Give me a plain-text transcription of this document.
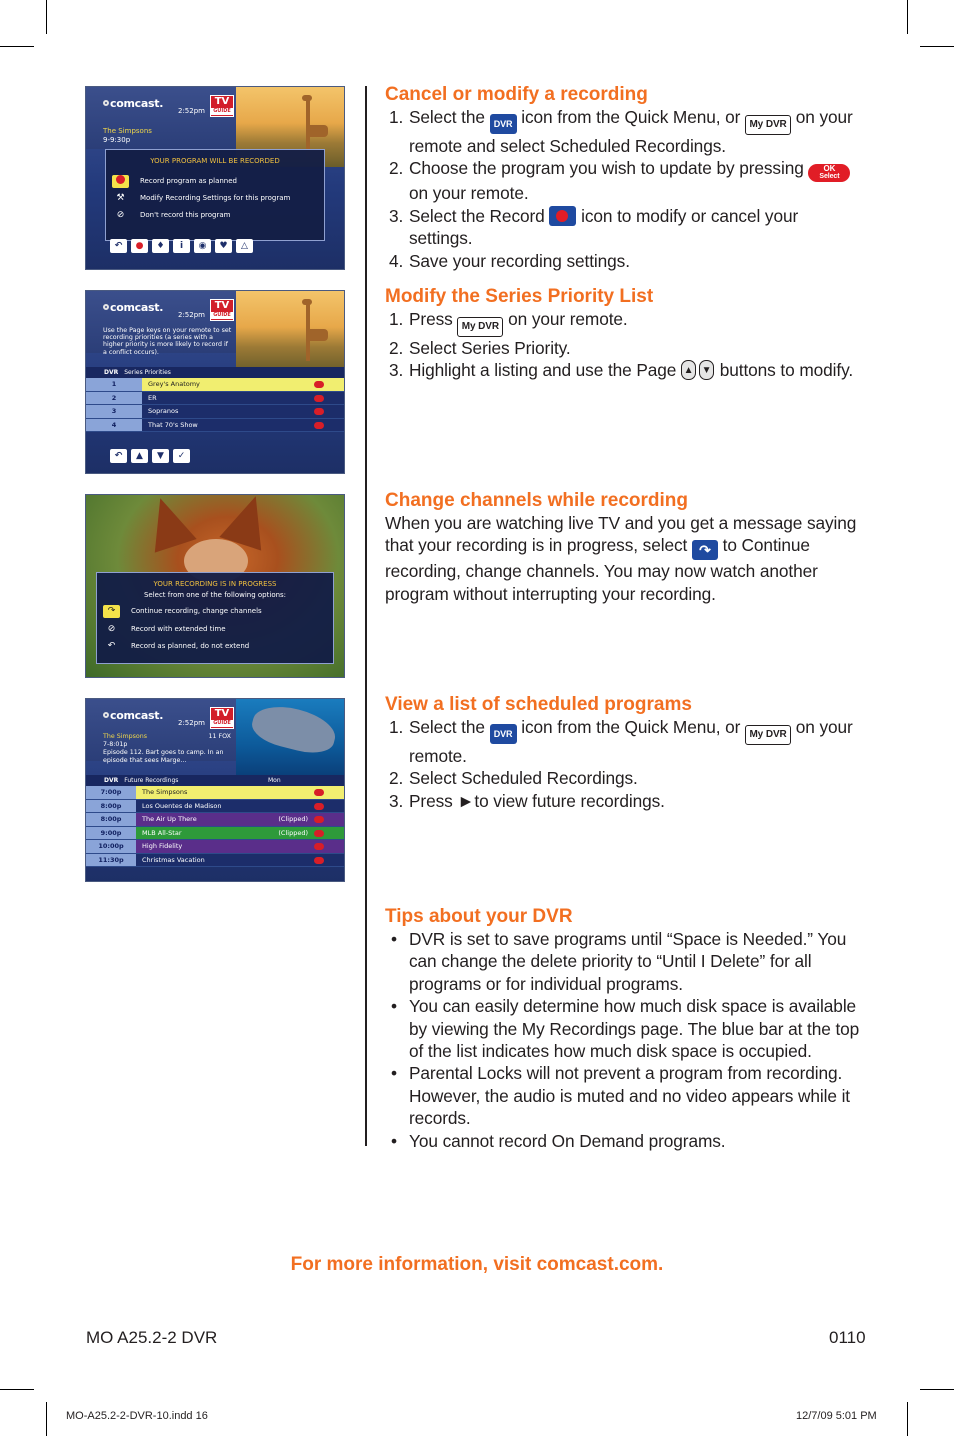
comcast.
2:52pm
TV
GUIDE
The Simpsons
9-9:30p
YOUR PROGRAM WILL BE RECORDED
Record program as planned
⚒	Modify Recording Settings for this program
⊘	Don't record this program
↶	●	♦	i	◉	♥	△
comcast.
2:52pm
TV
GUIDE
Use the Page keys on your remote to set recording priorities (a series with a higher priority is more likely to record if a conflict occurs).
DVR Series Priorities
1	Grey's Anatomy
2	ER
3	Sopranos
4	That 70's Show
↶	▲	▼	✓
YOUR RECORDING IS IN PROGRESS
Select from one of the following options:
↷	Continue recording, change channels
⊘	Record with extended time
↶	Record as planned, do not extend
comcast.
2:52pm
TV
GUIDE
The Simpsons	11 FOX
7-8:01p
Episode 112. Bart goes to camp. In an episode that sees Marge...
DVR Future Recordings	Mon
7:00p	The Simpsons
8:00p	Los Ouentes de Madison
8:00p	The Air Up There	(Clipped)
9:00p	MLB All-Star	(Clipped)
10:00p	High Fidelity
11:30p	Christmas Vacation
Cancel or modify a recording
1. Select the DVR icon from the Quick Menu, or My DVR on your remote and select Scheduled Recordings.
2. Choose the program you wish to update by pressing OK
Select
on your remote.
3. Select the Record icon to modify or cancel your settings.
4. Save your recording settings.
Modify the Series Priority List
1. Press My DVR on your remote.
2. Select Series Priority.
3. Highlight a listing and use the Page ▲ ▼ buttons to modify.
Change channels while recording

When you are watching live TV and you get a message saying that your recording is in progress, select ↷ to Continue recording, change channels. You may now watch another program without interrupting your recording.

View a list of scheduled programs
1. Select the DVR icon from the Quick Menu, or My DVR on your remote.
2. Select Scheduled Recordings.
3. Press ►to view future recordings.
Tips about your DVR
• DVR is set to save programs until “Space is Needed.” You can change the delete priority to “Until I Delete” for all programs or for individual programs.
• You can easily determine how much disk space is available by viewing the My Recordings page. The blue bar at the top of the list indicates how much disk space is occupied.
• Parental Locks will not prevent a program from recording. However, the audio is muted and no video appears while it records.
• You cannot record On Demand programs.
For more information, visit comcast.com.
MO A25.2-2 DVR	0110
MO-A25.2-2-DVR-10.indd 16	12/7/09 5:01 PM
